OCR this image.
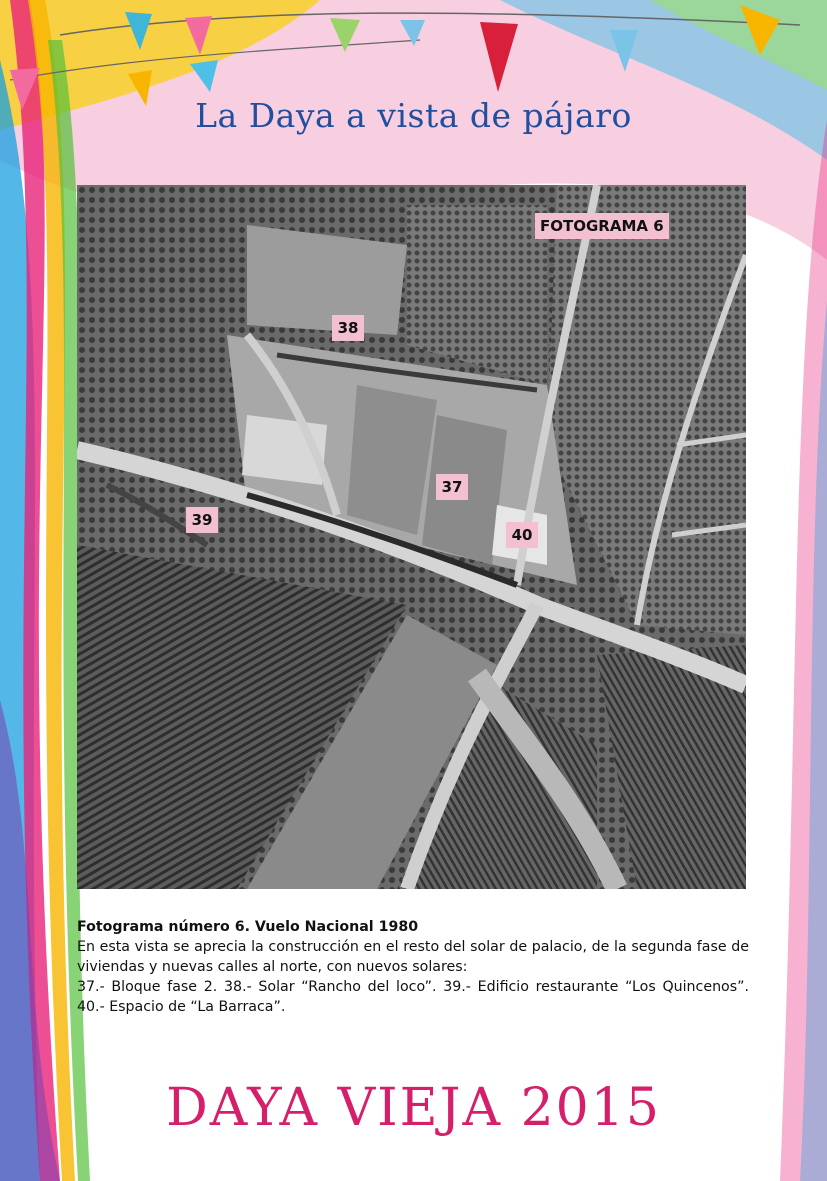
La Daya a vista de pájaro
FOTOGRAMA 6
38
37
39
40
Fotograma número 6. Vuelo Nacional 1980
En esta vista se aprecia la construcción en el resto del solar de palacio, de la segunda fase de viviendas y nuevas calles al norte, con nuevos solares:
37.- Bloque fase 2. 38.- Solar “Rancho del loco”. 39.- Edificio restaurante “Los Quincenos”. 40.- Espacio de “La Barraca”.
DAYA VIEJA 2015
